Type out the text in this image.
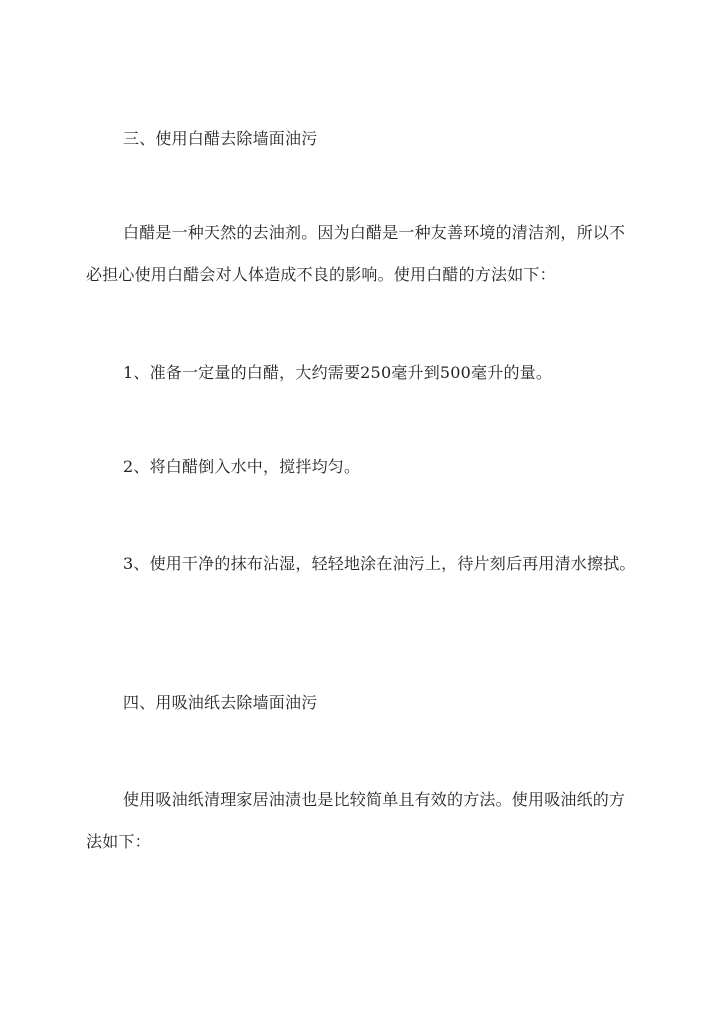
三、使用白醋去除墙面油污

白醋是一种天然的去油剂。因为白醋是一种友善环境的清洁剂，所以不必担心使用白醋会对人体造成不良的影响。使用白醋的方法如下：

1、准备一定量的白醋，大约需要250毫升到500毫升的量。

2、将白醋倒入水中，搅拌均匀。

3、使用干净的抹布沾湿，轻轻地涂在油污上，待片刻后再用清水擦拭。

四、用吸油纸去除墙面油污

使用吸油纸清理家居油渍也是比较简单且有效的方法。使用吸油纸的方法如下：
